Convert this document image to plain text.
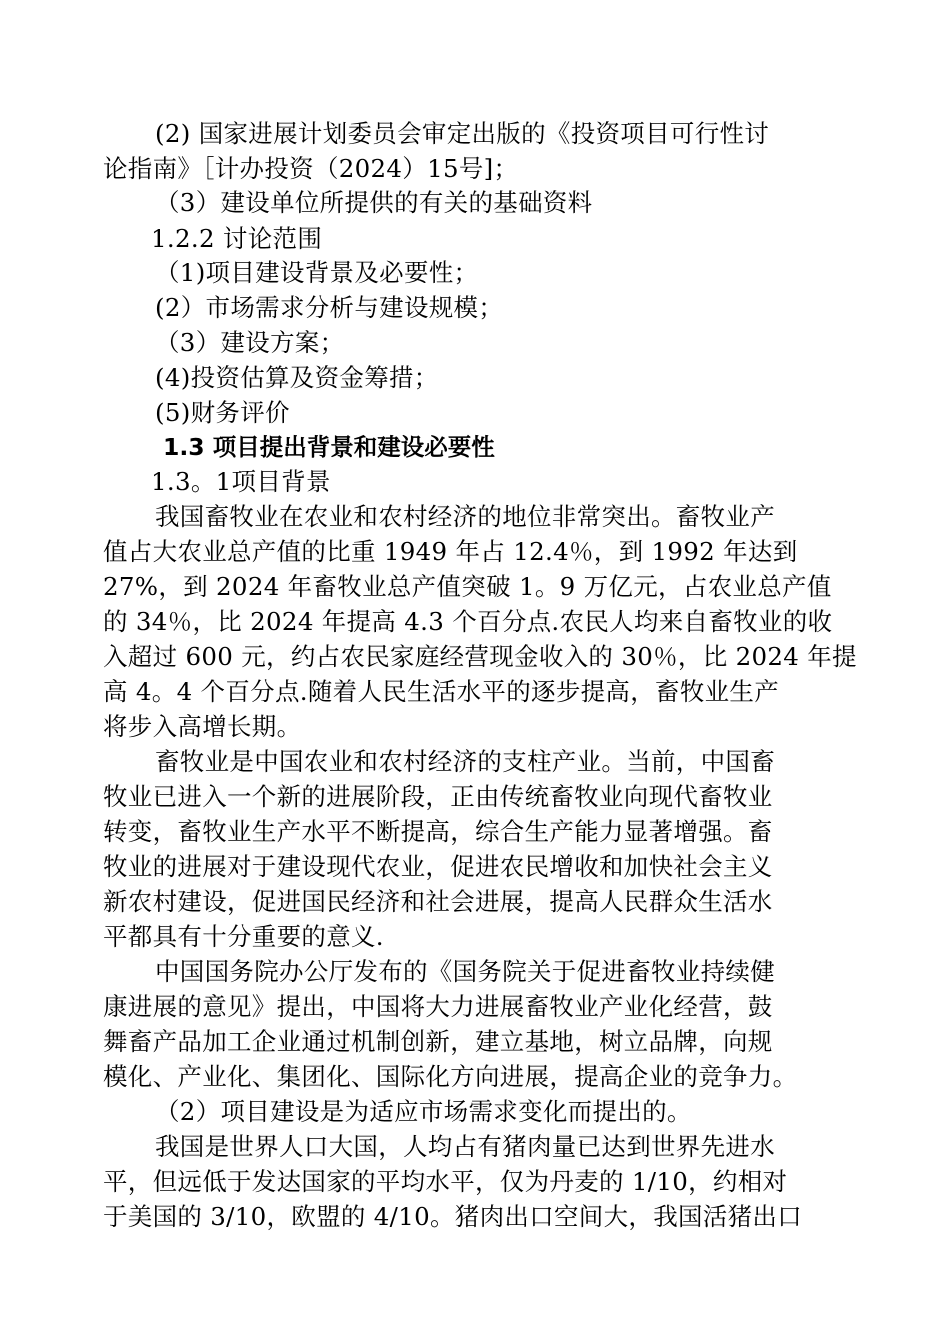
(2) 国家进展计划委员会审定出版的《投资项目可行性讨
论指南》［计办投资（2024）15号]；
（3）建设单位所提供的有关的基础资料
1.2.2 讨论范围
（1)项目建设背景及必要性；
(2）市场需求分析与建设规模；
（3）建设方案；
(4)投资估算及资金筹措；
(5)财务评价
1.3 项目提出背景和建设必要性
1.3。1项目背景
我国畜牧业在农业和农村经济的地位非常突出。畜牧业产
值占大农业总产值的比重 1949 年占 12.4％，到 1992 年达到
27%，到 2024 年畜牧业总产值突破 1。9 万亿元，占农业总产值
的 34％，比 2024 年提高 4.3 个百分点.农民人均来自畜牧业的收
入超过 600 元，约占农民家庭经营现金收入的 30％，比 2024 年提
高 4。4 个百分点.随着人民生活水平的逐步提高，畜牧业生产
将步入高增长期。
畜牧业是中国农业和农村经济的支柱产业。当前，中国畜
牧业已进入一个新的进展阶段，正由传统畜牧业向现代畜牧业
转变，畜牧业生产水平不断提高，综合生产能力显著增强。畜
牧业的进展对于建设现代农业，促进农民增收和加快社会主义
新农村建设，促进国民经济和社会进展，提高人民群众生活水
平都具有十分重要的意义.
中国国务院办公厅发布的《国务院关于促进畜牧业持续健
康进展的意见》提出，中国将大力进展畜牧业产业化经营，鼓
舞畜产品加工企业通过机制创新，建立基地，树立品牌，向规
模化、产业化、集团化、国际化方向进展，提高企业的竞争力。
（2）项目建设是为适应市场需求变化而提出的。
我国是世界人口大国，人均占有猪肉量已达到世界先进水
平，但远低于发达国家的平均水平，仅为丹麦的 1/10，约相对
于美国的 3/10，欧盟的 4/10。猪肉出口空间大，我国活猪出口
